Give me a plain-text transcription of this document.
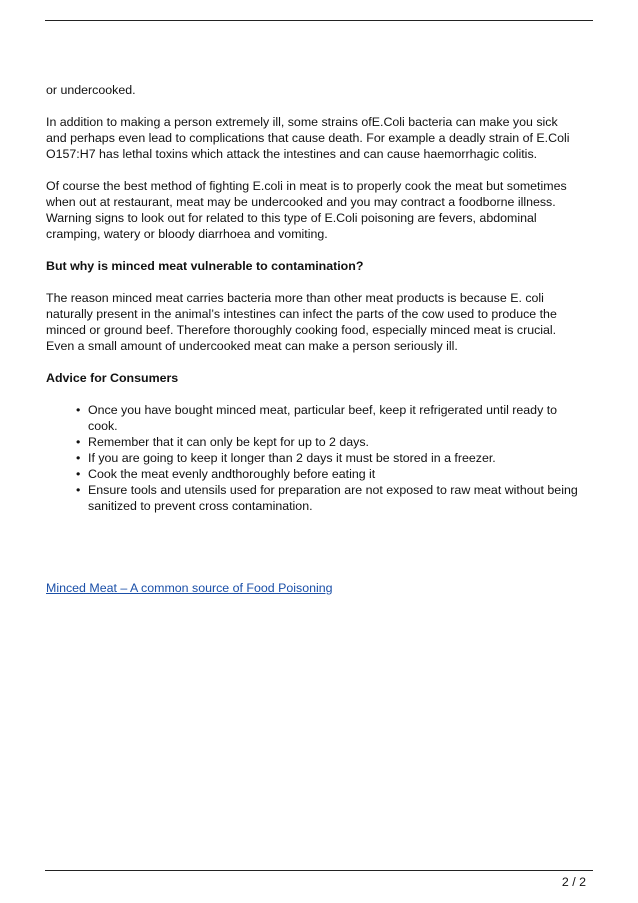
or undercooked.

In addition to making a person extremely ill, some strains ofE.Coli bacteria can make you sick and perhaps even lead to complications that cause death. For example a deadly strain of E.Coli O157:H7 has lethal toxins which attack the intestines and can cause haemorrhagic colitis.

Of course the best method of fighting E.coli in meat is to properly cook the meat but sometimes when out at restaurant, meat may be undercooked and you may contract a foodborne illness. Warning signs to look out for related to this type of E.Coli poisoning are fevers, abdominal cramping, watery or bloody diarrhoea and vomiting.

But why is minced meat vulnerable to contamination?

The reason minced meat carries bacteria more than other meat products is because E. coli naturally present in the animal’s intestines can infect the parts of the cow used to produce the minced or ground beef. Therefore thoroughly cooking food, especially minced meat is crucial. Even a small amount of undercooked meat can make a person seriously ill.

Advice for Consumers
• Once you have bought minced meat, particular beef, keep it refrigerated until ready to cook.
• Remember that it can only be kept for up to 2 days.
• If you are going to keep it longer than 2 days it must be stored in a freezer.
• Cook the meat evenly andthoroughly before eating it
• Ensure tools and utensils used for preparation are not exposed to raw meat without being sanitized to prevent cross contamination.
Minced Meat – A common source of Food Poisoning
2 / 2
